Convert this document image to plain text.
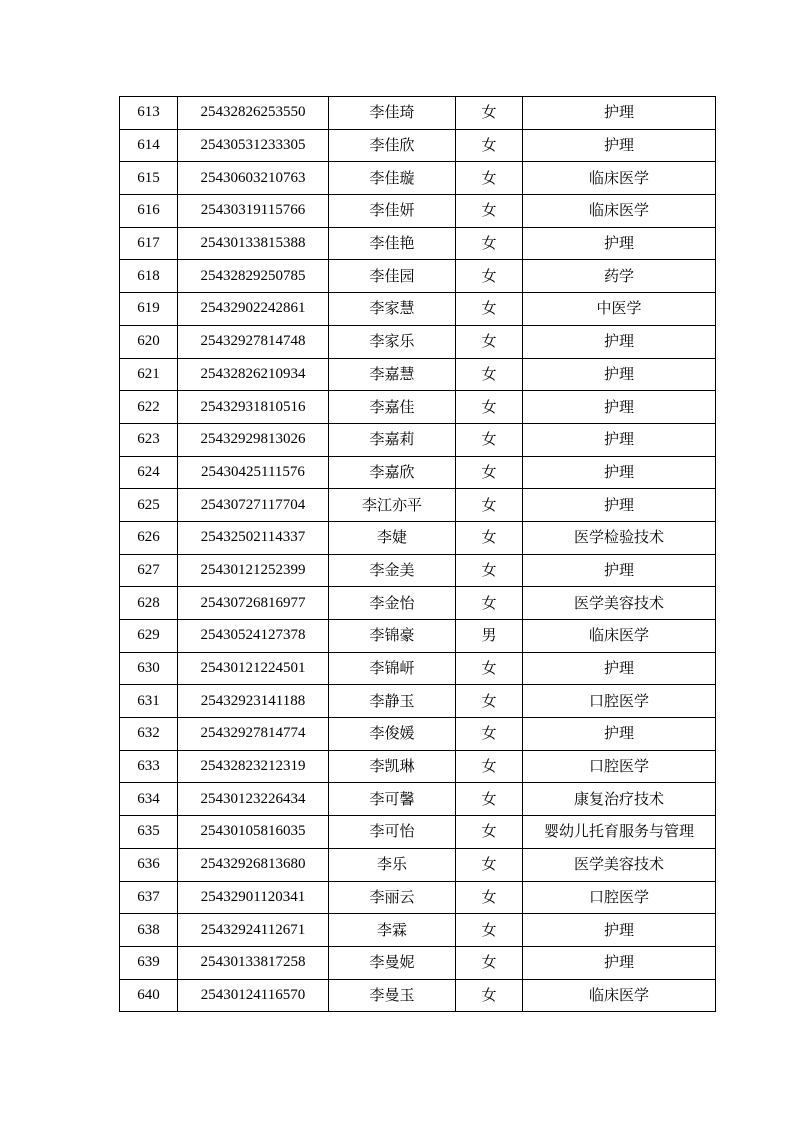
613	25432826253550	李佳琦	女	护理
614	25430531233305	李佳欣	女	护理
615	25430603210763	李佳璇	女	临床医学
616	25430319115766	李佳妍	女	临床医学
617	25430133815388	李佳艳	女	护理
618	25432829250785	李佳园	女	药学
619	25432902242861	李家慧	女	中医学
620	25432927814748	李家乐	女	护理
621	25432826210934	李嘉慧	女	护理
622	25432931810516	李嘉佳	女	护理
623	25432929813026	李嘉莉	女	护理
624	25430425111576	李嘉欣	女	护理
625	25430727117704	李江亦平	女	护理
626	25432502114337	李婕	女	医学检验技术
627	25430121252399	李金美	女	护理
628	25430726816977	李金怡	女	医学美容技术
629	25430524127378	李锦豪	男	临床医学
630	25430121224501	李锦岍	女	护理
631	25432923141188	李静玉	女	口腔医学
632	25432927814774	李俊媛	女	护理
633	25432823212319	李凯琳	女	口腔医学
634	25430123226434	李可馨	女	康复治疗技术
635	25430105816035	李可怡	女	婴幼儿托育服务与管理
636	25432926813680	李乐	女	医学美容技术
637	25432901120341	李丽云	女	口腔医学
638	25432924112671	李霖	女	护理
639	25430133817258	李曼妮	女	护理
640	25430124116570	李曼玉	女	临床医学
